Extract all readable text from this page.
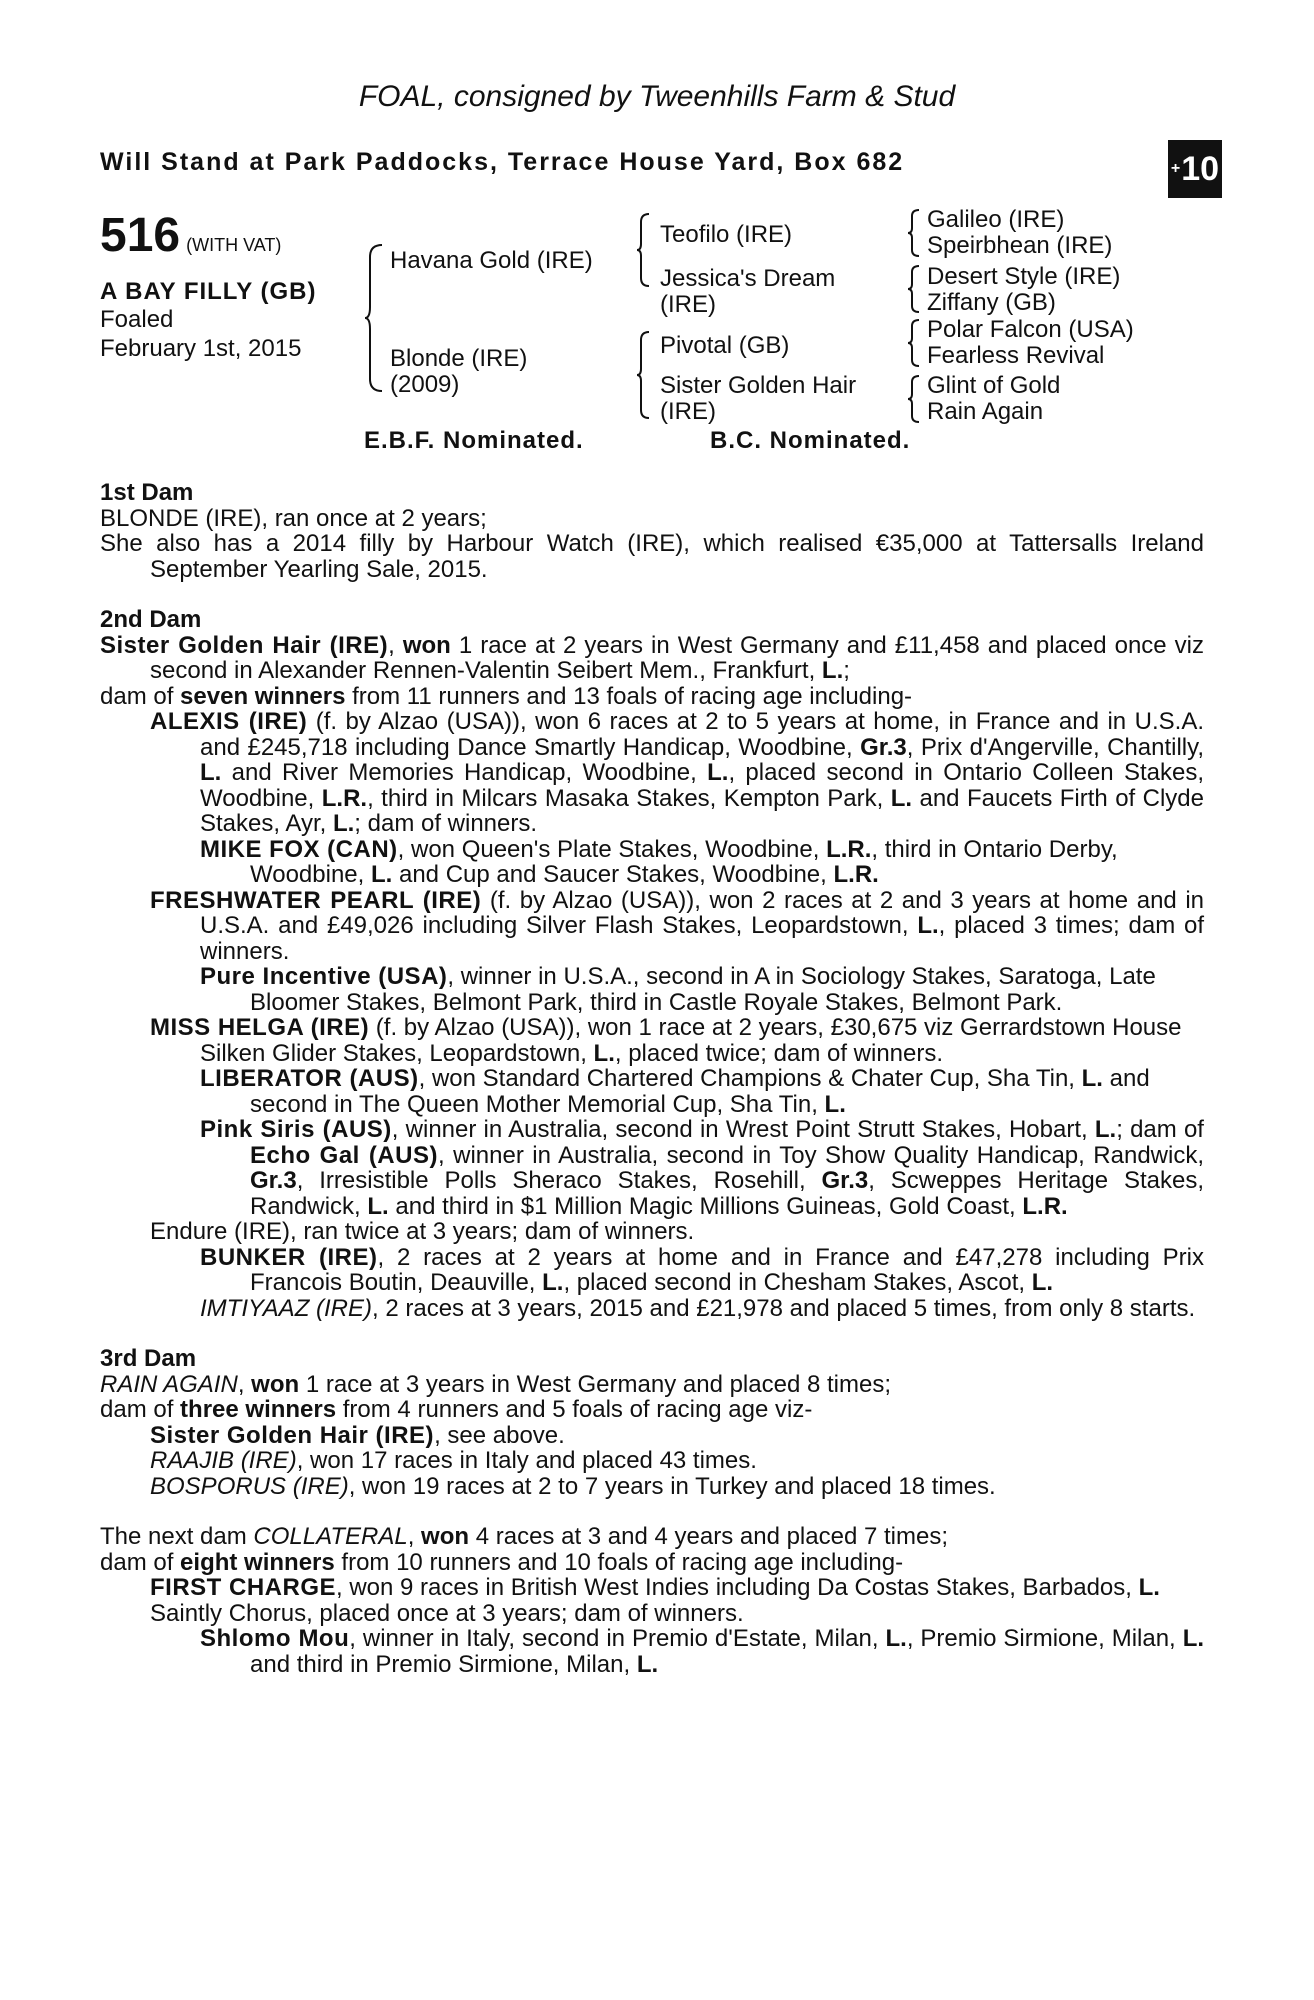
FOAL, consigned by Tweenhills Farm & Stud
Will Stand at Park Paddocks, Terrace House Yard, Box 682	+ 10
516 (WITH VAT)
A BAY FILLY (GB)
Foaled
February 1st, 2015
Havana Gold (IRE)
Blonde (IRE)
(2009)
Teofilo (IRE)
Jessica's Dream
(IRE)
Pivotal (GB)
Sister Golden Hair
(IRE)
Galileo (IRE)
Speirbhean (IRE)
Desert Style (IRE)
Ziffany (GB)
Polar Falcon (USA)
Fearless Revival
Glint of Gold
Rain Again
E.B.F. Nominated.	B.C. Nominated.

1st Dam

BLONDE (IRE), ran once at 2 years;

She also has a 2014 filly by Harbour Watch (IRE), which realised €35,000 at Tattersalls Ireland September Yearling Sale, 2015.

2nd Dam

Sister Golden Hair (IRE), won 1 race at 2 years in West Germany and £11,458 and placed once viz second in Alexander Rennen-Valentin Seibert Mem., Frankfurt, L.;

dam of seven winners from 11 runners and 13 foals of racing age including-

ALEXIS (IRE) (f. by Alzao (USA)), won 6 races at 2 to 5 years at home, in France and in U.S.A. and £245,718 including Dance Smartly Handicap, Woodbine, Gr.3, Prix d'Angerville, Chantilly, L. and River Memories Handicap, Woodbine, L., placed second in Ontario Colleen Stakes, Woodbine, L.R., third in Milcars Masaka Stakes, Kempton Park, L. and Faucets Firth of Clyde Stakes, Ayr, L.; dam of winners.

MIKE FOX (CAN), won Queen's Plate Stakes, Woodbine, L.R., third in Ontario Derby, Woodbine, L. and Cup and Saucer Stakes, Woodbine, L.R.

FRESHWATER PEARL (IRE) (f. by Alzao (USA)), won 2 races at 2 and 3 years at home and in U.S.A. and £49,026 including Silver Flash Stakes, Leopardstown, L., placed 3 times; dam of winners.

Pure Incentive (USA), winner in U.S.A., second in A in Sociology Stakes, Saratoga, Late Bloomer Stakes, Belmont Park, third in Castle Royale Stakes, Belmont Park.

MISS HELGA (IRE) (f. by Alzao (USA)), won 1 race at 2 years, £30,675 viz Gerrardstown House Silken Glider Stakes, Leopardstown, L., placed twice; dam of winners.

LIBERATOR (AUS), won Standard Chartered Champions & Chater Cup, Sha Tin, L. and second in The Queen Mother Memorial Cup, Sha Tin, L.

Pink Siris (AUS), winner in Australia, second in Wrest Point Strutt Stakes, Hobart, L.; dam of Echo Gal (AUS), winner in Australia, second in Toy Show Quality Handicap, Randwick, Gr.3, Irresistible Polls Sheraco Stakes, Rosehill, Gr.3, Scweppes Heritage Stakes, Randwick, L. and third in $1 Million Magic Millions Guineas, Gold Coast, L.R.

Endure (IRE), ran twice at 3 years; dam of winners.

BUNKER (IRE), 2 races at 2 years at home and in France and £47,278 including Prix Francois Boutin, Deauville, L., placed second in Chesham Stakes, Ascot, L.

IMTIYAAZ (IRE), 2 races at 3 years, 2015 and £21,978 and placed 5 times, from only 8 starts.

3rd Dam

RAIN AGAIN, won 1 race at 3 years in West Germany and placed 8 times;

dam of three winners from 4 runners and 5 foals of racing age viz-

Sister Golden Hair (IRE), see above.

RAAJIB (IRE), won 17 races in Italy and placed 43 times.

BOSPORUS (IRE), won 19 races at 2 to 7 years in Turkey and placed 18 times.

The next dam COLLATERAL, won 4 races at 3 and 4 years and placed 7 times;

dam of eight winners from 10 runners and 10 foals of racing age including-

FIRST CHARGE, won 9 races in British West Indies including Da Costas Stakes, Barbados, L.

Saintly Chorus, placed once at 3 years; dam of winners.

Shlomo Mou, winner in Italy, second in Premio d'Estate, Milan, L., Premio Sirmione, Milan, L. and third in Premio Sirmione, Milan, L.
